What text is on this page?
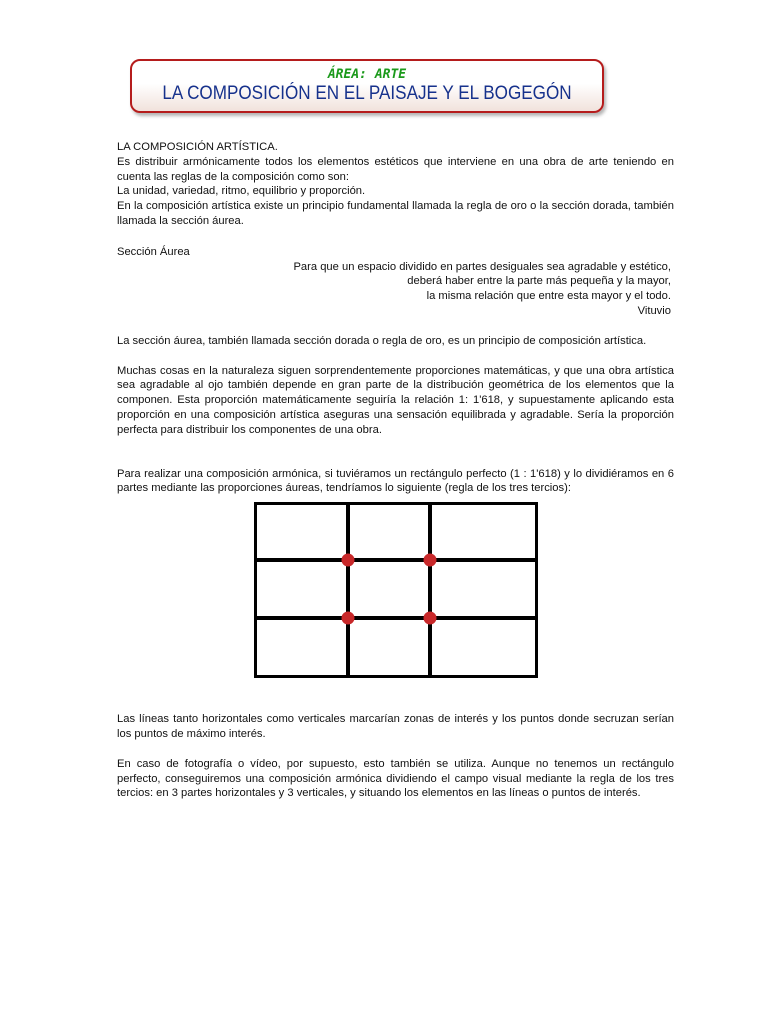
ÁREA: ARTE
LA COMPOSICIÓN EN EL PAISAJE Y EL BOGEGÓN

LA COMPOSICIÓN ARTÍSTICA.

Es distribuir armónicamente todos los elementos estéticos que interviene en una obra de arte teniendo en cuenta las reglas de la composición como son:

La unidad, variedad, ritmo, equilibrio y proporción.

En la composición artística existe un principio fundamental llamada la regla de oro o la sección dorada, también llamada la sección áurea.

Sección Áurea

Para que un espacio dividido en partes desiguales sea agradable y estético,

deberá haber entre la parte más pequeña y la mayor,

la misma relación que entre esta mayor y el todo.

Vituvio

La sección áurea, también llamada sección dorada o regla de oro, es un principio de composición artística.

Muchas cosas en la naturaleza siguen sorprendentemente proporciones matemáticas, y que una obra artística sea agradable al ojo también depende en gran parte de la distribución geométrica de los elementos que la componen. Esta proporción matemáticamente seguiría la relación 1: 1'618, y supuestamente aplicando esta proporción en una composición artística aseguras una sensación equilibrada y agradable. Sería la proporción perfecta para distribuir los componentes de una obra.

Para realizar una composición armónica, si tuviéramos un rectángulo perfecto (1 : 1'618) y lo dividiéramos en 6 partes mediante las proporciones áureas, tendríamos lo siguiente (regla de los tres tercios):

Las líneas tanto horizontales como verticales marcarían zonas de interés y los puntos donde secruzan serían los puntos de máximo interés.

En caso de fotografía o vídeo, por supuesto, esto también se utiliza. Aunque no tenemos un rectángulo perfecto, conseguiremos una composición armónica dividiendo el campo visual mediante la regla de los tres tercios: en 3 partes horizontales y 3 verticales, y situando los elementos en las líneas o puntos de interés.
